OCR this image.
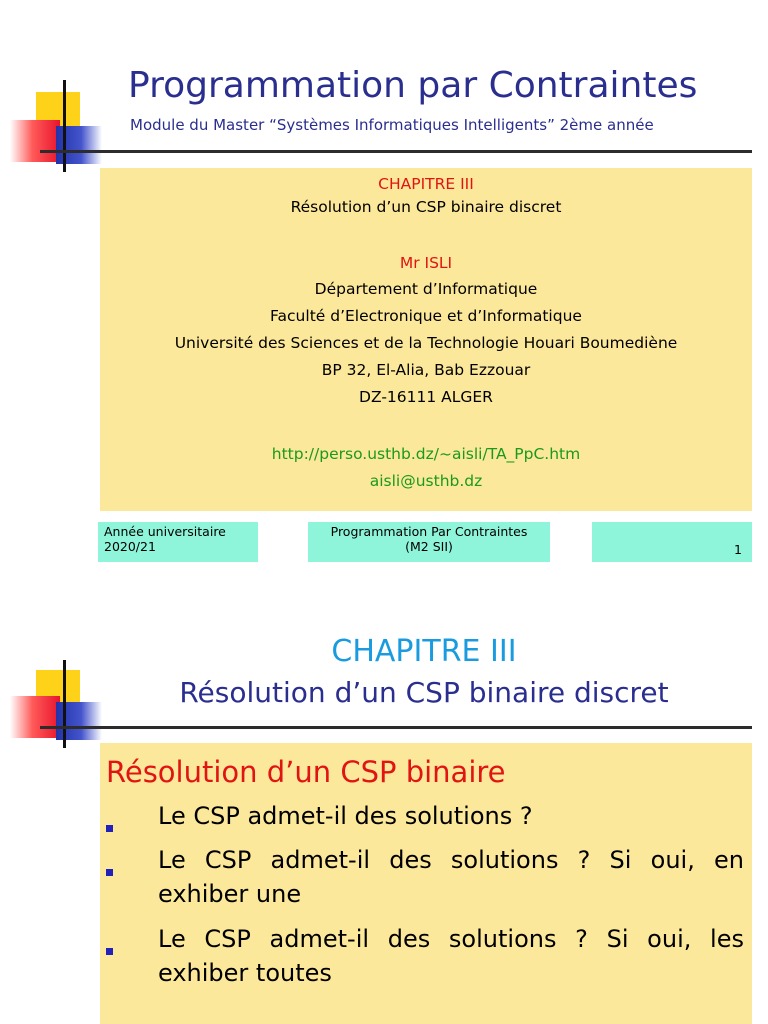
Programmation par Contraintes
Module du Master “Systèmes Informatiques Intelligents” 2ème année
CHAPITRE III
Résolution d’un CSP binaire discret
Mr ISLI
Département d’Informatique
Faculté d’Electronique et d’Informatique
Université des Sciences et de la Technologie Houari Boumediène
BP 32, El-Alia, Bab Ezzouar
DZ-16111 ALGER
http://perso.usthb.dz/~aisli/TA_PpC.htm
aisli@usthb.dz
Année universitaire
2020/21
Programmation Par Contraintes
(M2 SII)	1
CHAPITRE III
Résolution d’un CSP binaire discret
Résolution d’un CSP binaire
Le CSP admet-il des solutions ?
Le CSP admet-il des solutions ? Si oui, en exhiber une
Le CSP admet-il des solutions ? Si oui, les exhiber toutes
